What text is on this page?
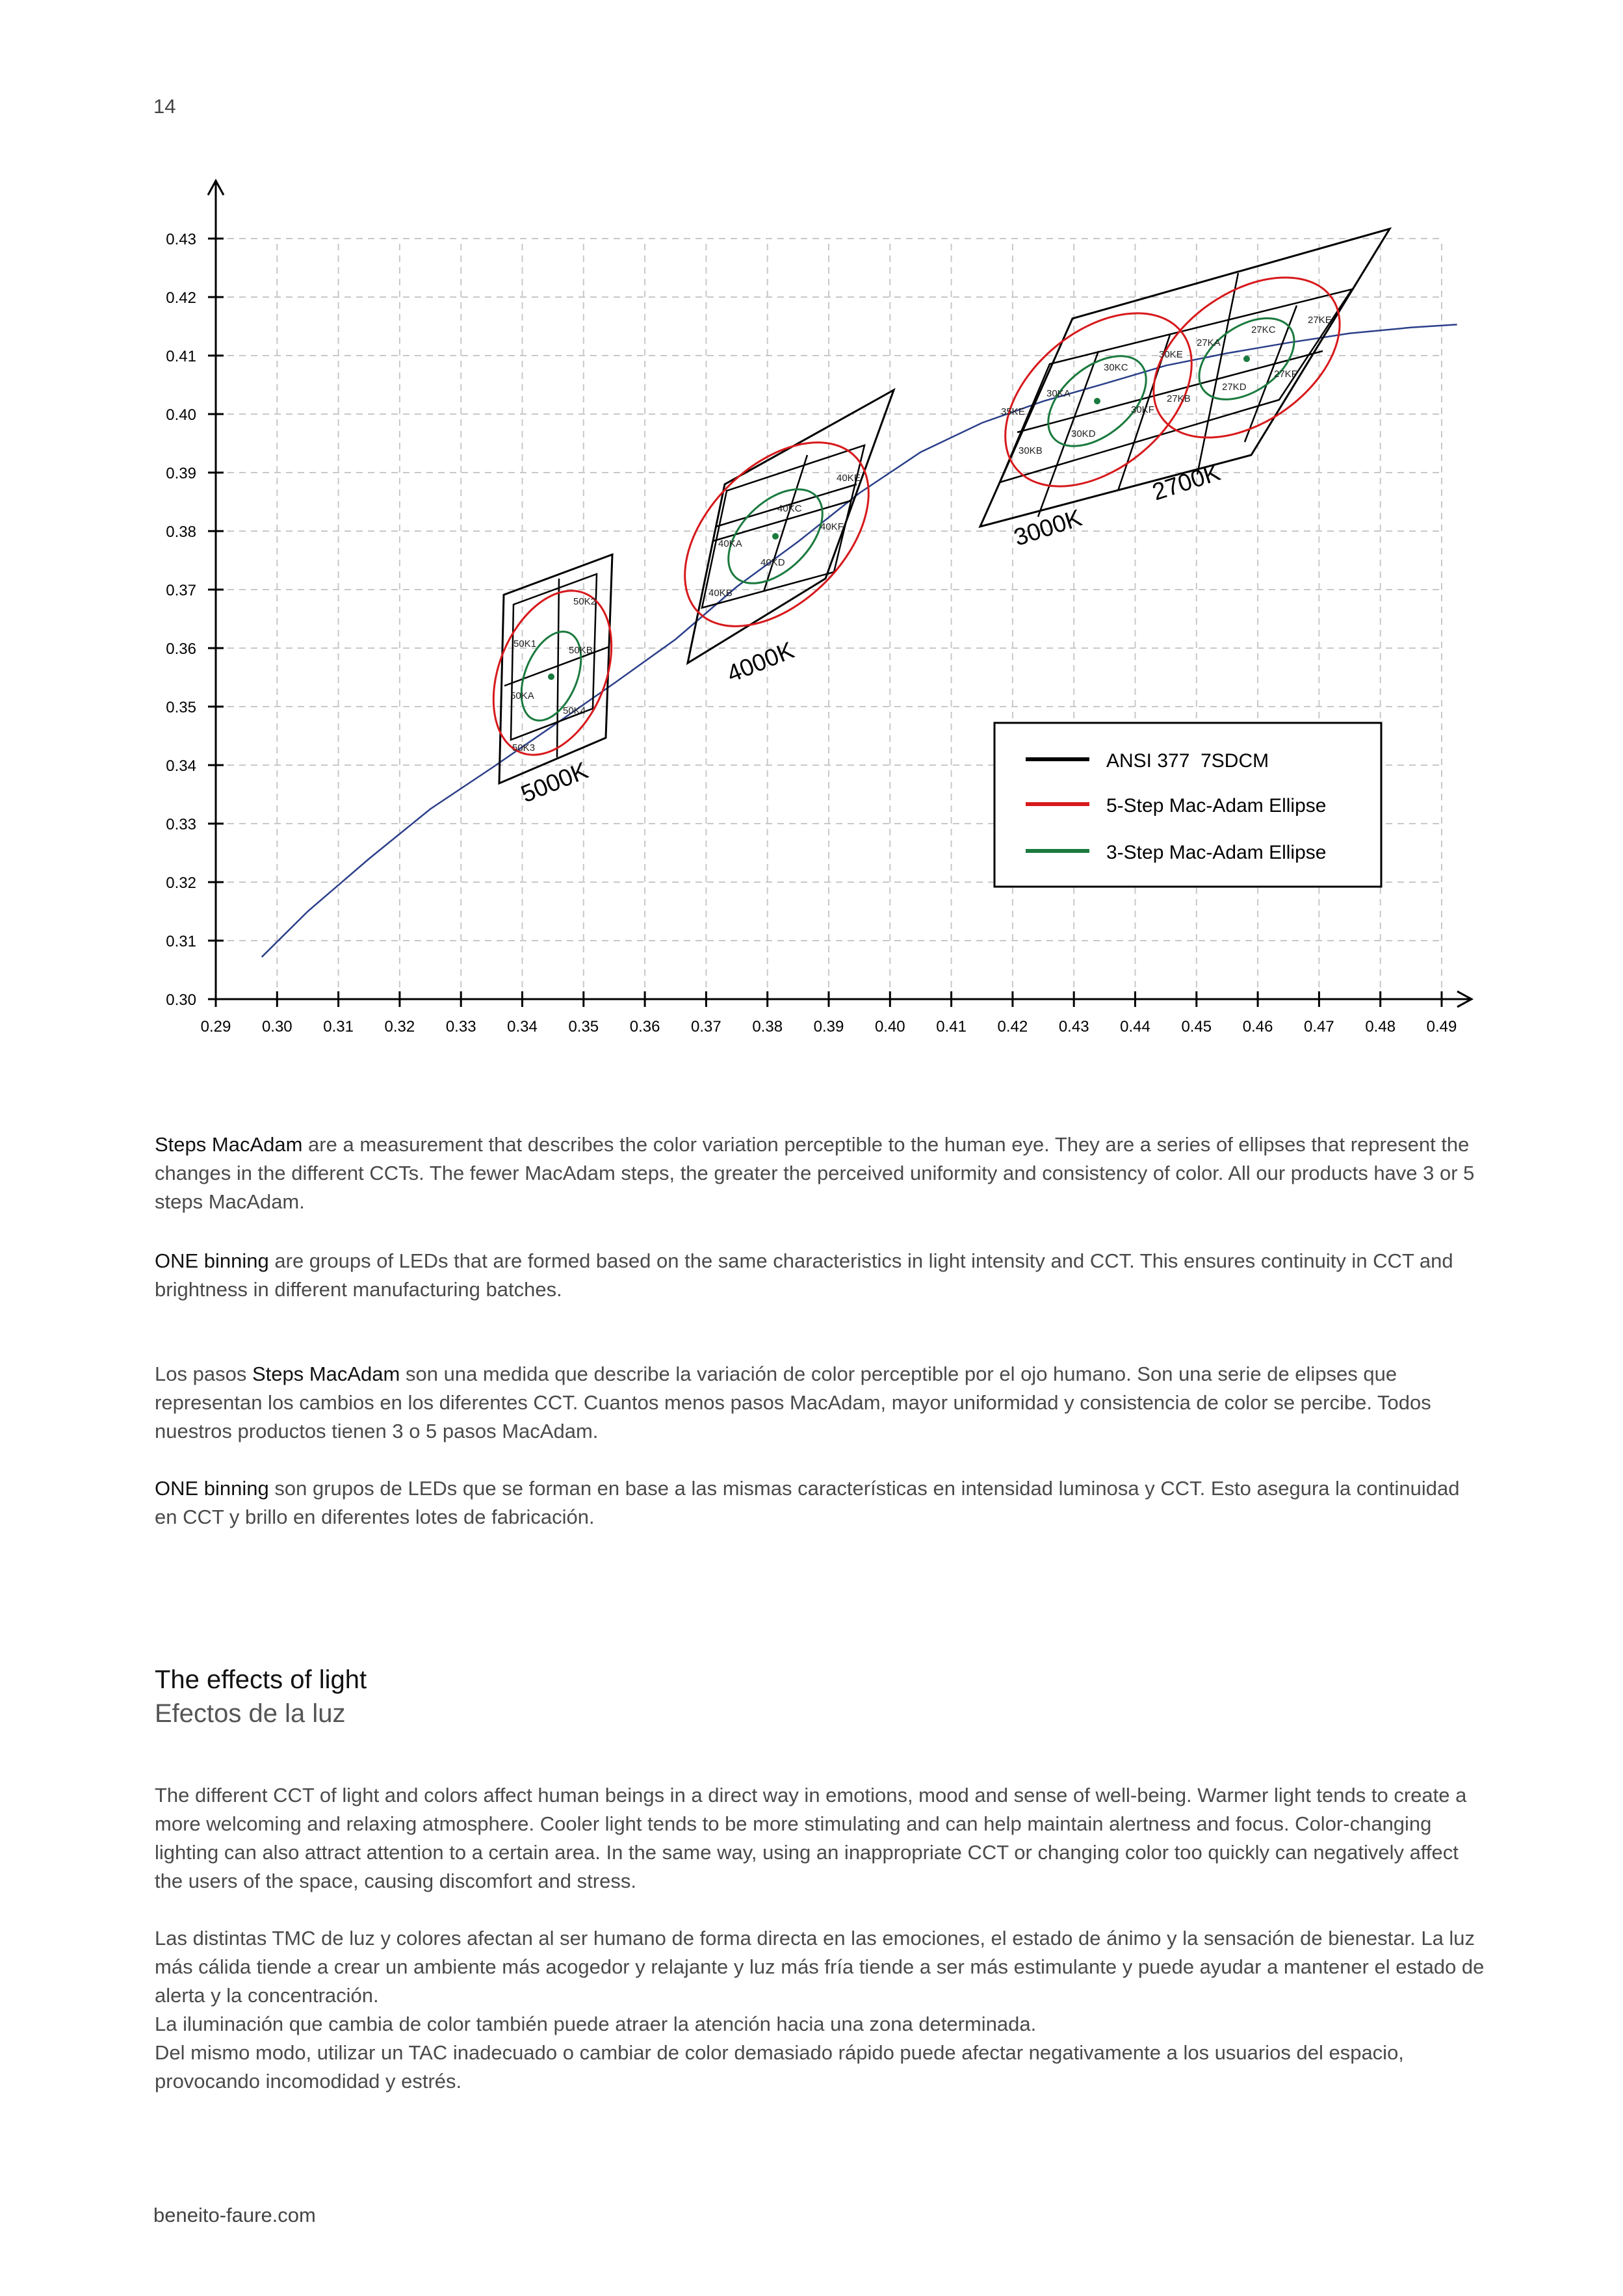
14
0.29 0.30 0.31 0.32 0.33 0.34 0.35 0.36 0.37 0.38 0.39 0.40 0.41 0.42 0.43 0.44 0.45 0.46 0.47 0.48 0.49
0.30
0.31
0.32
0.33
0.34
0.35
0.36
0.37
0.38
0.39
0.40
0.41
0.42
0.43
50K1
50K2
50KB
50KA
50K4
50K3
5000K
40KE
40KC
40KA
40KF
40KD
40KB
4000K
35KE
30KA
30KC
30KE
30KF
30KB
30KD
27KA
27KC
27KE
27KB
27KF
27KD
3000K
2700K
ANSI 377  7SDCM
5-Step Mac-Adam Ellipse
3-Step Mac-Adam Ellipse

Steps MacAdam are a measurement that describes the color variation perceptible to the human eye. They are a series of ellipses that represent the changes in the different CCTs. The fewer MacAdam steps, the greater the perceived uniformity and consistency of color. All our products have 3 or 5 steps MacAdam.

ONE binning are groups of LEDs that are formed based on the same characteristics in light intensity and CCT. This ensures continuity in CCT and brightness in different manufacturing batches.

Los pasos Steps MacAdam son una medida que describe la variación de color perceptible por el ojo humano. Son una serie de elipses que representan los cambios en los diferentes CCT. Cuantos menos pasos MacAdam, mayor uniformidad y consistencia de color se percibe. Todos nuestros productos tienen 3 o 5 pasos MacAdam.

ONE binning son grupos de LEDs que se forman en base a las mismas características en intensidad luminosa y CCT. Esto asegura la continuidad en CCT y brillo en diferentes lotes de fabricación.

The effects of light
Efectos de la luz

The different CCT of light and colors affect human beings in a direct way in emotions, mood and sense of well-being. Warmer light tends to create a more welcoming and relaxing atmosphere. Cooler light tends to be more stimulating and can help maintain alertness and focus. Color-changing lighting can also attract attention to a certain area. In the same way, using an inappropriate CCT or changing color too quickly can negatively affect the users of the space, causing discomfort and stress.

Las distintas TMC de luz y colores afectan al ser humano de forma directa en las emociones, el estado de ánimo y la sensación de bienestar. La luz más cálida tiende a crear un ambiente más acogedor y relajante y luz más fría tiende a ser más estimulante y puede ayudar a mantener el estado de alerta y la concentración.

La iluminación que cambia de color también puede atraer la atención hacia una zona determinada.

Del mismo modo, utilizar un TAC inadecuado o cambiar de color demasiado rápido puede afectar negativamente a los usuarios del espacio, provocando incomodidad y estrés.

beneito-faure.com
